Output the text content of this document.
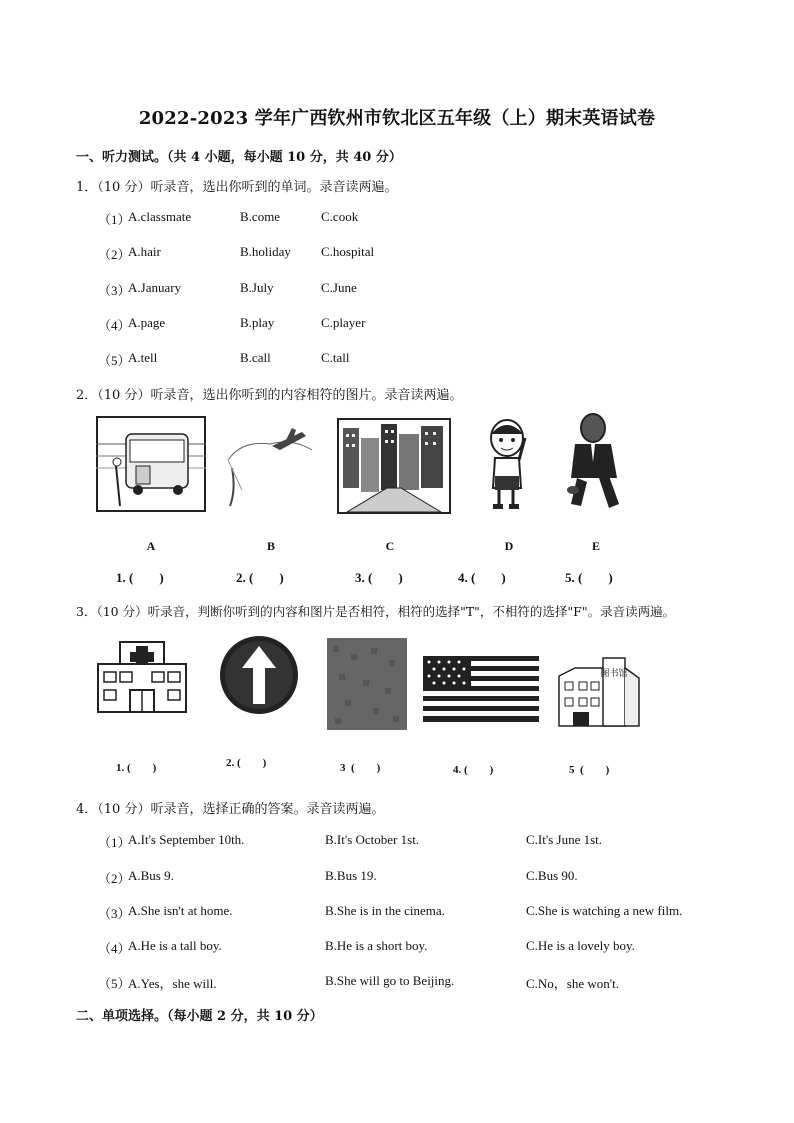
2022-2023 学年广西钦州市钦北区五年级（上）期末英语试卷
一、听力测试。（共 4 小题，每小题 10 分，共 40 分）
1．（10 分）听录音，选出你听到的单词。录音读两遍。
（1）
A.classmate	B.come	C.cook
（2）
A.hair	B.holiday C.hospital
（3）
A.January	B.July	C.June
（4）
A.page	B.play	C.player
（5）
A.tell	B.call	C.tall
2．（10 分）听录音，选出你听到的内容相符的图片。录音读两遍。
A	B	C	D	E
1. (        )	2. (        )	3. (        )	4. (        )	5. (        )
3．（10 分）听录音，判断你听到的内容和图片是否相符，相符的选择"T"，不相符的选择"F"。录音读两遍。
图书馆
1. (        )	2. (        )	3  (        )	4. (        )	5  (        )
4．（10 分）听录音，选择正确的答案。录音读两遍。
（1）
A.It's September 10th.	B.It's October 1st.	C.It's June 1st.
（2）
A.Bus 9.	B.Bus 19.	C.Bus 90.
（3）
A.She isn't at home.	B.She is in the cinema.	C.She is watching a new film.
（4）
A.He is a tall boy.	B.He is a short boy.	C.He is a lovely boy.
（5）
A.Yes，she will.	B.She will go to Beijing.	C.No，she won't.
二、单项选择。（每小题 2 分，共 10 分）
